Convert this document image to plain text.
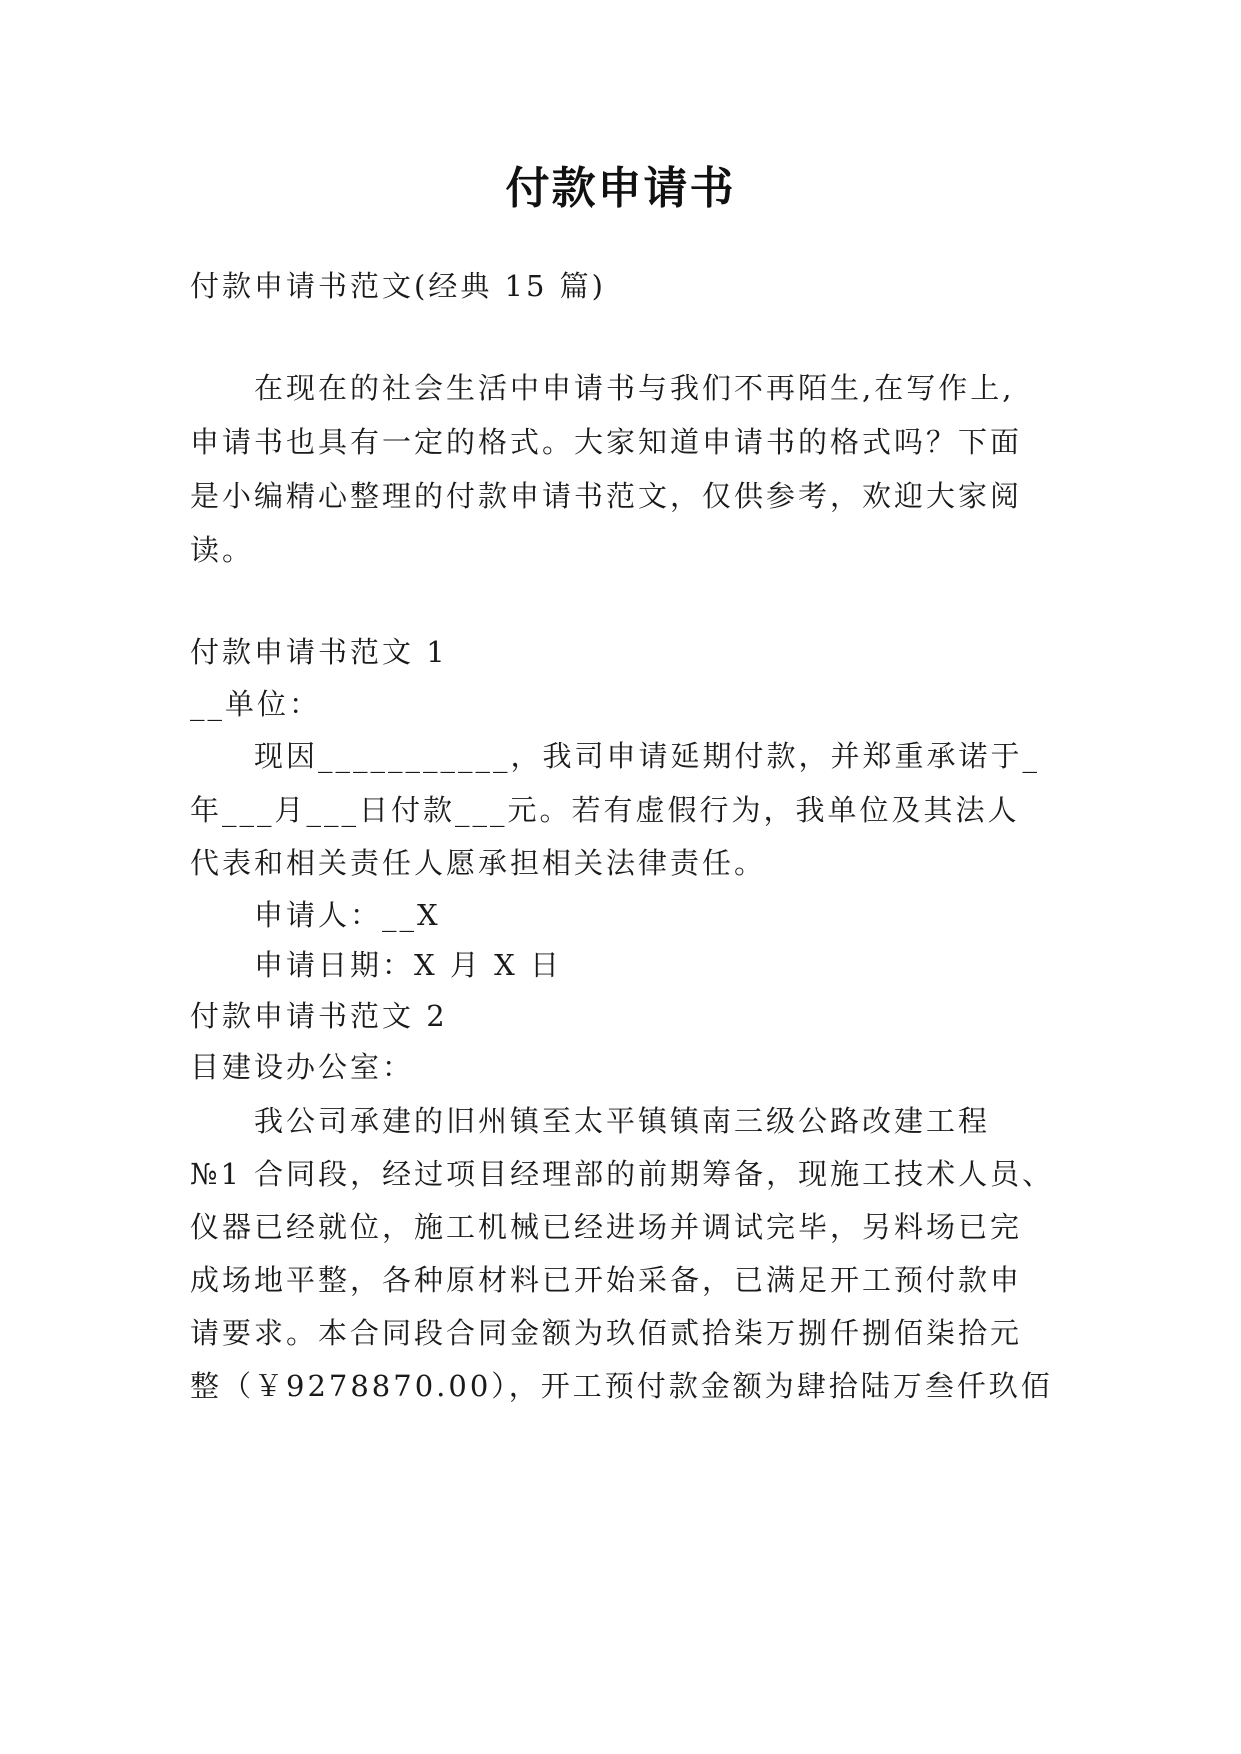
付款申请书
付款申请书范文(经典 15 篇)
在现在的社会生活中申请书与我们不再陌生,在写作上,
申请书也具有一定的格式。大家知道申请书的格式吗？下面
是小编精心整理的付款申请书范文，仅供参考，欢迎大家阅
读。
付款申请书范文 1
__单位：
现因___________，我司申请延期付款，并郑重承诺于_
年___月___日付款___元。若有虚假行为，我单位及其法人
代表和相关责任人愿承担相关法律责任。
申请人：__X
申请日期：X 月 X 日
付款申请书范文 2
目建设办公室：
我公司承建的旧州镇至太平镇镇南三级公路改建工程
№1 合同段，经过项目经理部的前期筹备，现施工技术人员、
仪器已经就位，施工机械已经进场并调试完毕，另料场已完
成场地平整，各种原材料已开始采备，已满足开工预付款申
请要求。本合同段合同金额为玖佰贰拾柒万捌仟捌佰柒拾元
整（￥9278870.00），开工预付款金额为肆拾陆万叁仟玖佰
